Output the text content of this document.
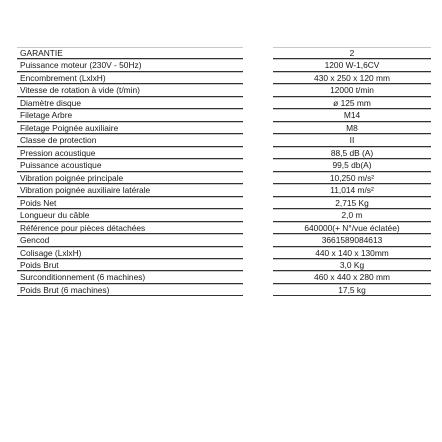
GARANTIE	2
Puissance moteur (230V - 50Hz)	1200 W-1,6CV
Encombrement (LxlxH)	430 x 250 x 120 mm
Vitesse de rotation à vide (t/min)	12000 t/min
Diamètre disque	ø 125 mm
Filetage Arbre	M14
Filetage Poignée auxiliaire	M8
Classe de protection	II
Pression acoustique	88,5 dB (A)
Puissance acoustique	99,5 db(A)
Vibration poignée principale	10,250 m/s²
Vibration poignée auxiliaire latérale	11,014 m/s²
Poids Net	2,715 Kg
Longueur du câble	2,0 m
Référence pour pièces détachées	640000(+ N°/vue éclatée)
Gencod	3661589084613
Colisage (LxlxH)	440 x 140 x 130mm
Poids Brut	3,0 Kg
Surconditionnement (6 machines)	460 x 440 x 280 mm
Poids Brut (6 machines)	17,5 kg
